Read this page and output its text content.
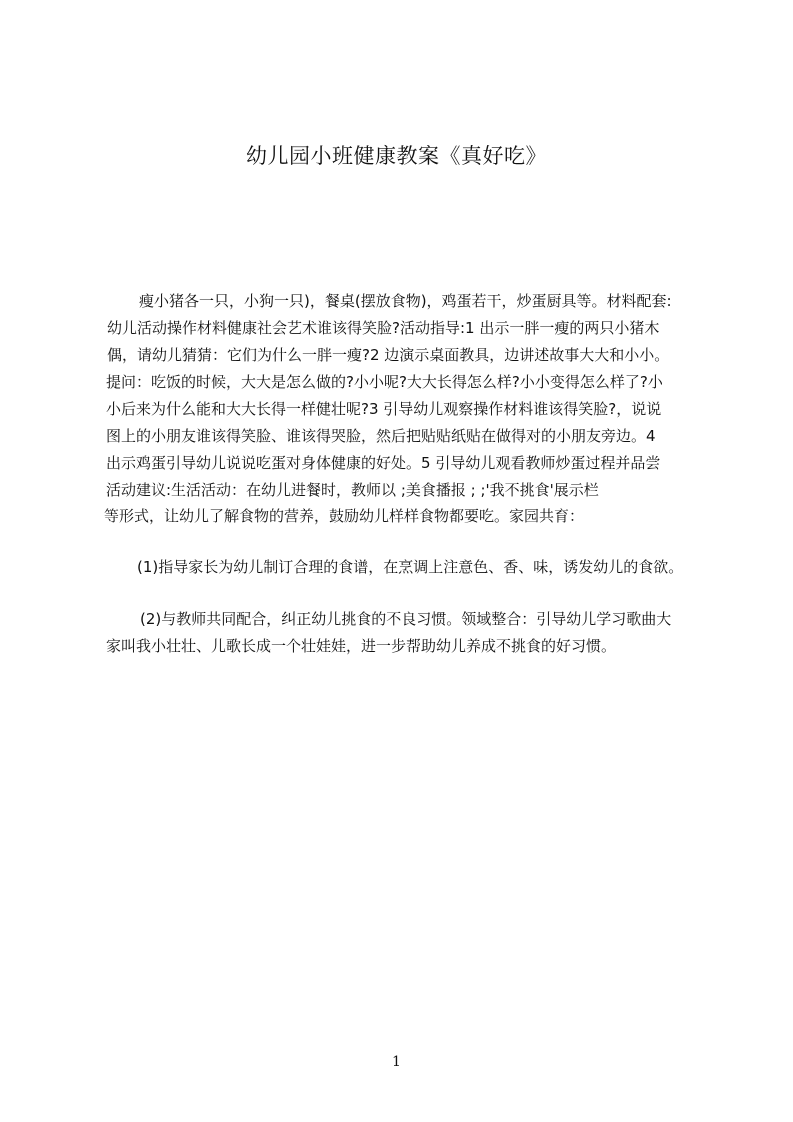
幼儿园小班健康教案《真好吃》

瘦小猪各一只，小狗一只)，餐桌(摆放食物)，鸡蛋若干，炒蛋厨具等。材料配套:

幼儿活动操作材料健康社会艺术谁该得笑脸?活动指导:1 出示一胖一瘦的两只小猪木

偶，请幼儿猜猜：它们为什么一胖一瘦?2 边演示桌面教具，边讲述故事大大和小小。

提问：吃饭的时候，大大是怎么做的?小小呢?大大长得怎么样?小小变得怎么样了?小

小后来为什么能和大大长得一样健壮呢?3 引导幼儿观察操作材料谁该得笑脸?，说说

图上的小朋友谁该得笑脸、谁该得哭脸，然后把贴贴纸贴在做得对的小朋友旁边。4

出示鸡蛋引导幼儿说说吃蛋对身体健康的好处。5 引导幼儿观看教师炒蛋过程并品尝

活动建议:生活活动：在幼儿进餐时，教师以 ;美食播报 ; ;'我不挑食'展示栏

等形式，让幼儿了解食物的营养，鼓励幼儿样样食物都要吃。家园共育：

(1)指导家长为幼儿制订合理的食谱，在烹调上注意色、香、味，诱发幼儿的食欲。

(2)与教师共同配合，纠正幼儿挑食的不良习惯。领域整合：引导幼儿学习歌曲大

家叫我小壮壮、儿歌长成一个壮娃娃，进一步帮助幼儿养成不挑食的好习惯。

1
